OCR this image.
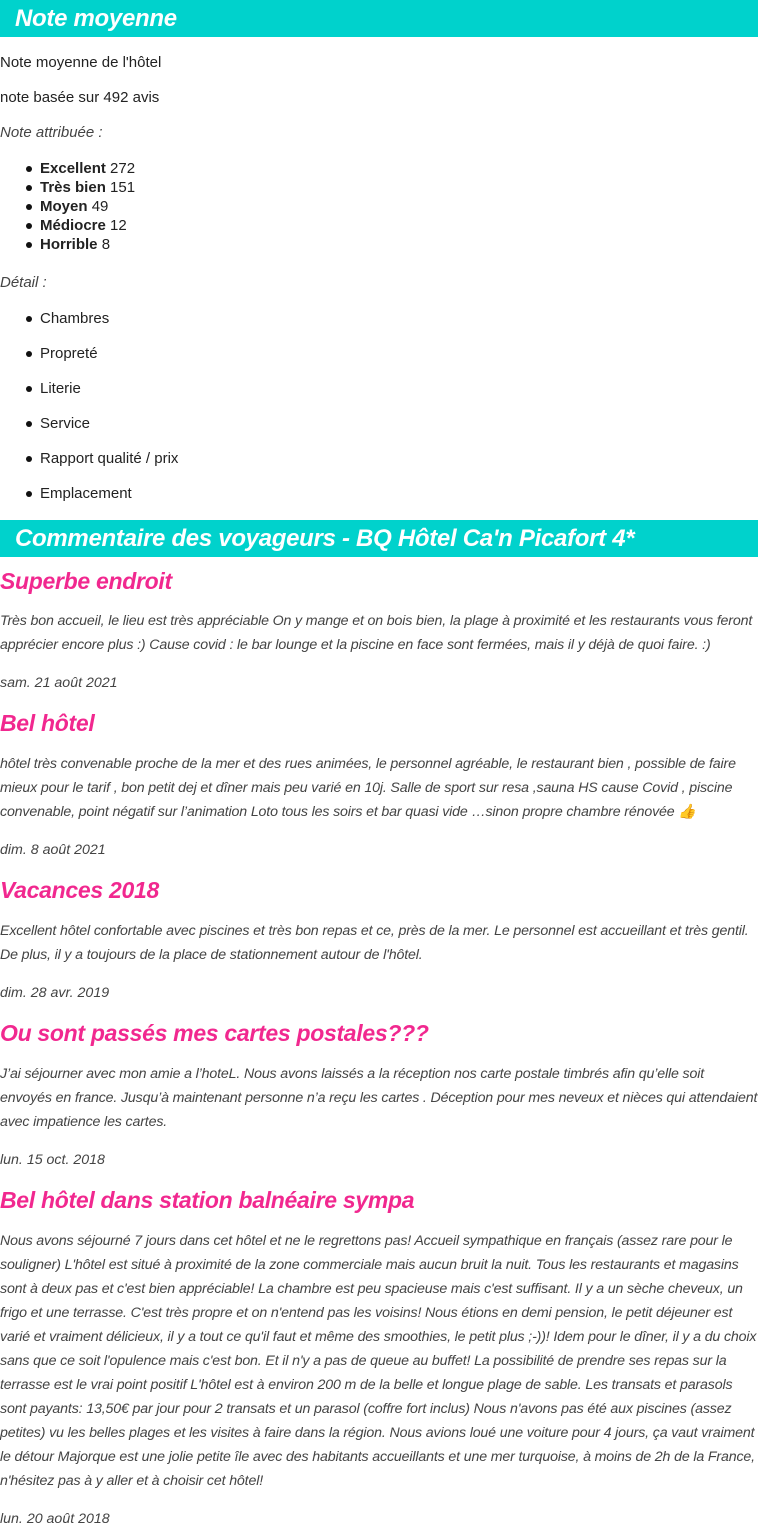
Note moyenne

Note moyenne de l'hôtel

note basée sur 492 avis

Note attribuée :

Excellent 272
Très bien 151
Moyen 49
Médiocre 12
Horrible 8

Détail :

Chambres
Propreté
Literie
Service
Rapport qualité / prix
Emplacement
Commentaire des voyageurs - BQ Hôtel Ca'n Picafort 4*
Superbe endroit

Très bon accueil, le lieu est très appréciable On y mange et on bois bien, la plage à proximité et les restaurants vous feront apprécier encore plus :) Cause covid : le bar lounge et la piscine en face sont fermées, mais il y déjà de quoi faire. :)

sam. 21 août 2021

Bel hôtel

hôtel très convenable proche de la mer et des rues animées, le personnel agréable, le restaurant bien , possible de faire mieux pour le tarif , bon petit dej et dîner mais peu varié en 10j. Salle de sport sur resa ,sauna HS cause Covid , piscine convenable, point négatif sur l’animation Loto tous les soirs et bar quasi vide …sinon propre chambre rénovée 👍

dim. 8 août 2021

Vacances 2018

Excellent hôtel confortable avec piscines et très bon repas et ce, près de la mer. Le personnel est accueillant et très gentil. De plus, il y a toujours de la place de stationnement autour de l'hôtel.

dim. 28 avr. 2019

Ou sont passés mes cartes postales???

J’ai séjourner avec mon amie a l’hoteL. Nous avons laissés a la réception nos carte postale timbrés afin qu’elle soit envoyés en france. Jusqu’à maintenant personne n’a reçu les cartes . Déception pour mes neveux et nièces qui attendaient avec impatience les cartes.

lun. 15 oct. 2018

Bel hôtel dans station balnéaire sympa

Nous avons séjourné 7 jours dans cet hôtel et ne le regrettons pas! Accueil sympathique en français (assez rare pour le souligner) L'hôtel est situé à proximité de la zone commerciale mais aucun bruit la nuit. Tous les restaurants et magasins sont à deux pas et c'est bien appréciable! La chambre est peu spacieuse mais c'est suffisant. Il y a un sèche cheveux, un frigo et une terrasse. C'est très propre et on n'entend pas les voisins! Nous étions en demi pension, le petit déjeuner est varié et vraiment délicieux, il y a tout ce qu'il faut et même des smoothies, le petit plus ;-))! Idem pour le dîner, il y a du choix sans que ce soit l'opulence mais c'est bon. Et il n'y a pas de queue au buffet! La possibilité de prendre ses repas sur la terrasse est le vrai point positif L'hôtel est à environ 200 m de la belle et longue plage de sable. Les transats et parasols sont payants: 13,50€ par jour pour 2 transats et un parasol (coffre fort inclus) Nous n'avons pas été aux piscines (assez petites) vu les belles plages et les visites à faire dans la région. Nous avions loué une voiture pour 4 jours, ça vaut vraiment le détour Majorque est une jolie petite île avec des habitants accueillants et une mer turquoise, à moins de 2h de la France, n'hésitez pas à y aller et à choisir cet hôtel!

lun. 20 août 2018
